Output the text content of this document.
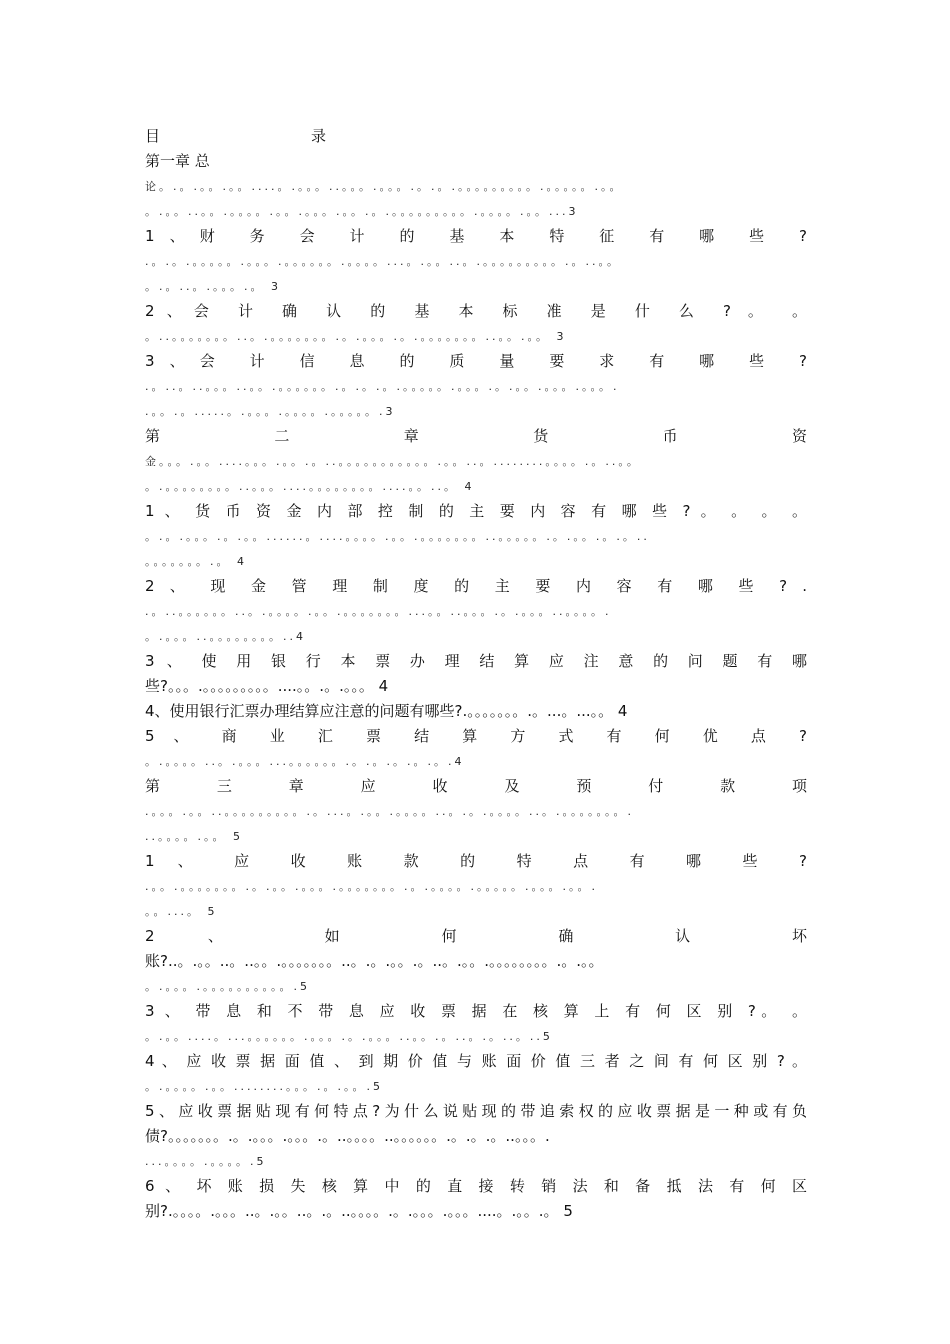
目	录
第一章 总
论。.。.。。.。。....。.。。。..。。。.。。。.。.。.。。。。。。。。。.。。。。。.。。
。.。。..。。.。。。。.。。.。。。.。。.。.。。。。。。。。。.。。。。.。。...3
1、财 务 会 计 的 基 本 特 征 有 哪 些 ?
.。.。.。。。。。.。。。.。。。。。。.。。。。...。.。。..。.。。。。。。。。。.。..。。
。.。..。.。。。.。 3
2、会 计 确 认 的 基 本 标 准 是 什 么 ? 。 。
。..。。。。。。。..。.。。。。。。。.。.。。。.。.。。。。。。。..。。.。。 3
3、会 计 信 息 的 质 量 要 求 有 哪 些 ?
.。..。..。。。..。。.。。。。。。.。.。.。.。。。。。.。。。.。.。。.。。。.。。。.
.。。.。.....。.。。。.。。。。.。。。。。.3
第 二 章 货 币 资
金。。。.。。....。。。.。。.。..。。。。。。。。。。。.。。..。........。。。。.。..。。
。.。。。。。。。。..。。。....。。。。。。。。....。。..。 4
1 、 货 币 资 金 内 部 控 制 的 主 要 内 容 有 哪 些 ? 。 。 。 。
。.。.。。。.。.。。......。....。。。。.。。.。。。。。。。..。。。。。.。.。。.。.。..
。。。。。。。.。 4
2 、 现 金 管 理 制 度 的 主 要 内 容 有 哪 些 ? .
.。..。。。。。。..。.。。。。.。。.。。。。。。。...。。..。。。.。.。。。..。。。。.
。.。。。..。。。。。。。。..4
3 、 使 用 银 行 本 票 办 理 结 算 应 注 意 的 问 题 有 哪
些?。。。.。。。。。。。。。....。。.。.。。。 4
4、使用银行汇票办理结算应注意的问题有哪些?.。。。。。。。.。...。...。。 4
5 、 商 业 汇 票 结 算 方 式 有 何 优 点 ?
。.。。。。..。.。。。...。。。。。。.。.。.。.。.。.4
第 三 章 应 收 及 预 付 款 项
.。。。.。。..。。。。。。。。。.。...。.。。.。。。。..。.。.。。。。..。.。。。。。。。.
..。。。。.。。 5
1 、 应 收 账 款 的 特 点 有 哪 些 ?
.。。.。。。。。。。.。.。。.。。。.。。。。。。。.。.。。。。.。。。。。.。。。.。。.
。。...。 5
2 、 如 何 确 认 坏
账?..。.。。..。..。。.。。。。。。。..。.。.。。.。..。.。。.。。。。。。。。.。.。。
。.。。。.。。。。。。。。。。.5
3 、 带 息 和 不 带 息 应 收 票 据 在 核 算 上 有 何 区 别 ?。 。
。.。。....。...。。。。。。.。。。.。.。。。..。。.。..。.。..。..5
4 、 应 收 票 据 面 值 、 到 期 价 值 与 账 面 价 值 三 者 之 间 有 何 区 别 ? 。
。.。。。。.。。........。。。.。.。。.5
5、应收票据贴现有何特点?为什么说贴现的带追索权的应收票据是一种或有负
债?。。。。。。。.。.。。。.。。。.。..。。。。..。。。。。。.。.。.。..。。。.
...。。。。.。。。。.5
6 、 坏 账 损 失 核 算 中 的 直 接 转 销 法 和 备 抵 法 有 何 区
别?.。。。。.。。。..。.。。..。.。..。。。。.。.。。。.。。。....。.。。.。 5
